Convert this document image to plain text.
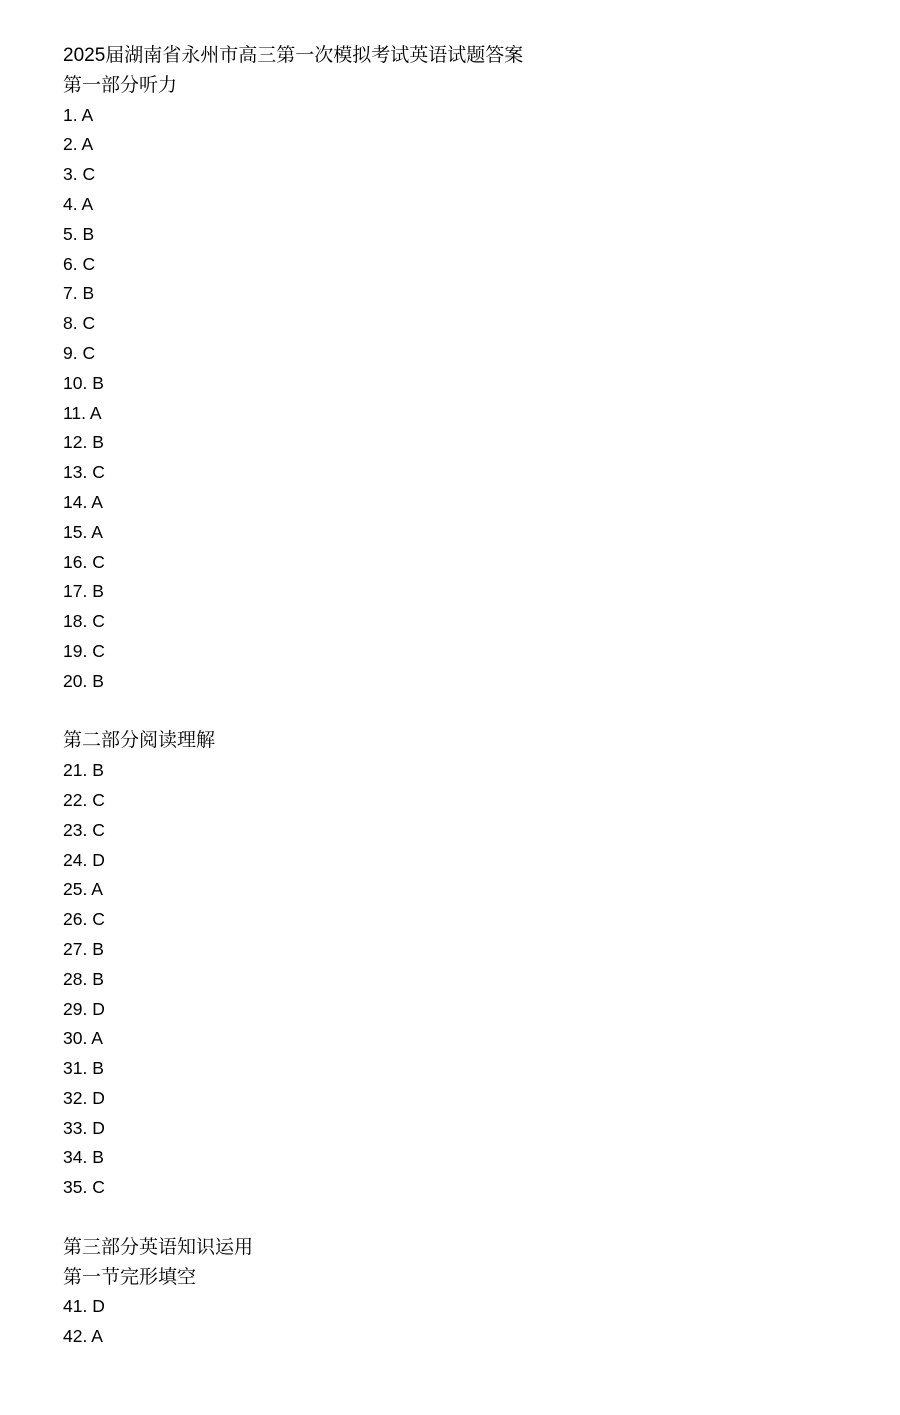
2025届湖南省永州市高三第一次模拟考试英语试题答案
第一部分听力
1. A
2. A
3. C
4. A
5. B
6. C
7. B
8. C
9. C
10. B
11. A
12. B
13. C
14. A
15. A
16. C
17. B
18. C
19. C
20. B
第二部分阅读理解
21. B
22. C
23. C
24. D
25. A
26. C
27. B
28. B
29. D
30. A
31. B
32. D
33. D
34. B
35. C
第三部分英语知识运用
第一节完形填空
41. D
42. A
